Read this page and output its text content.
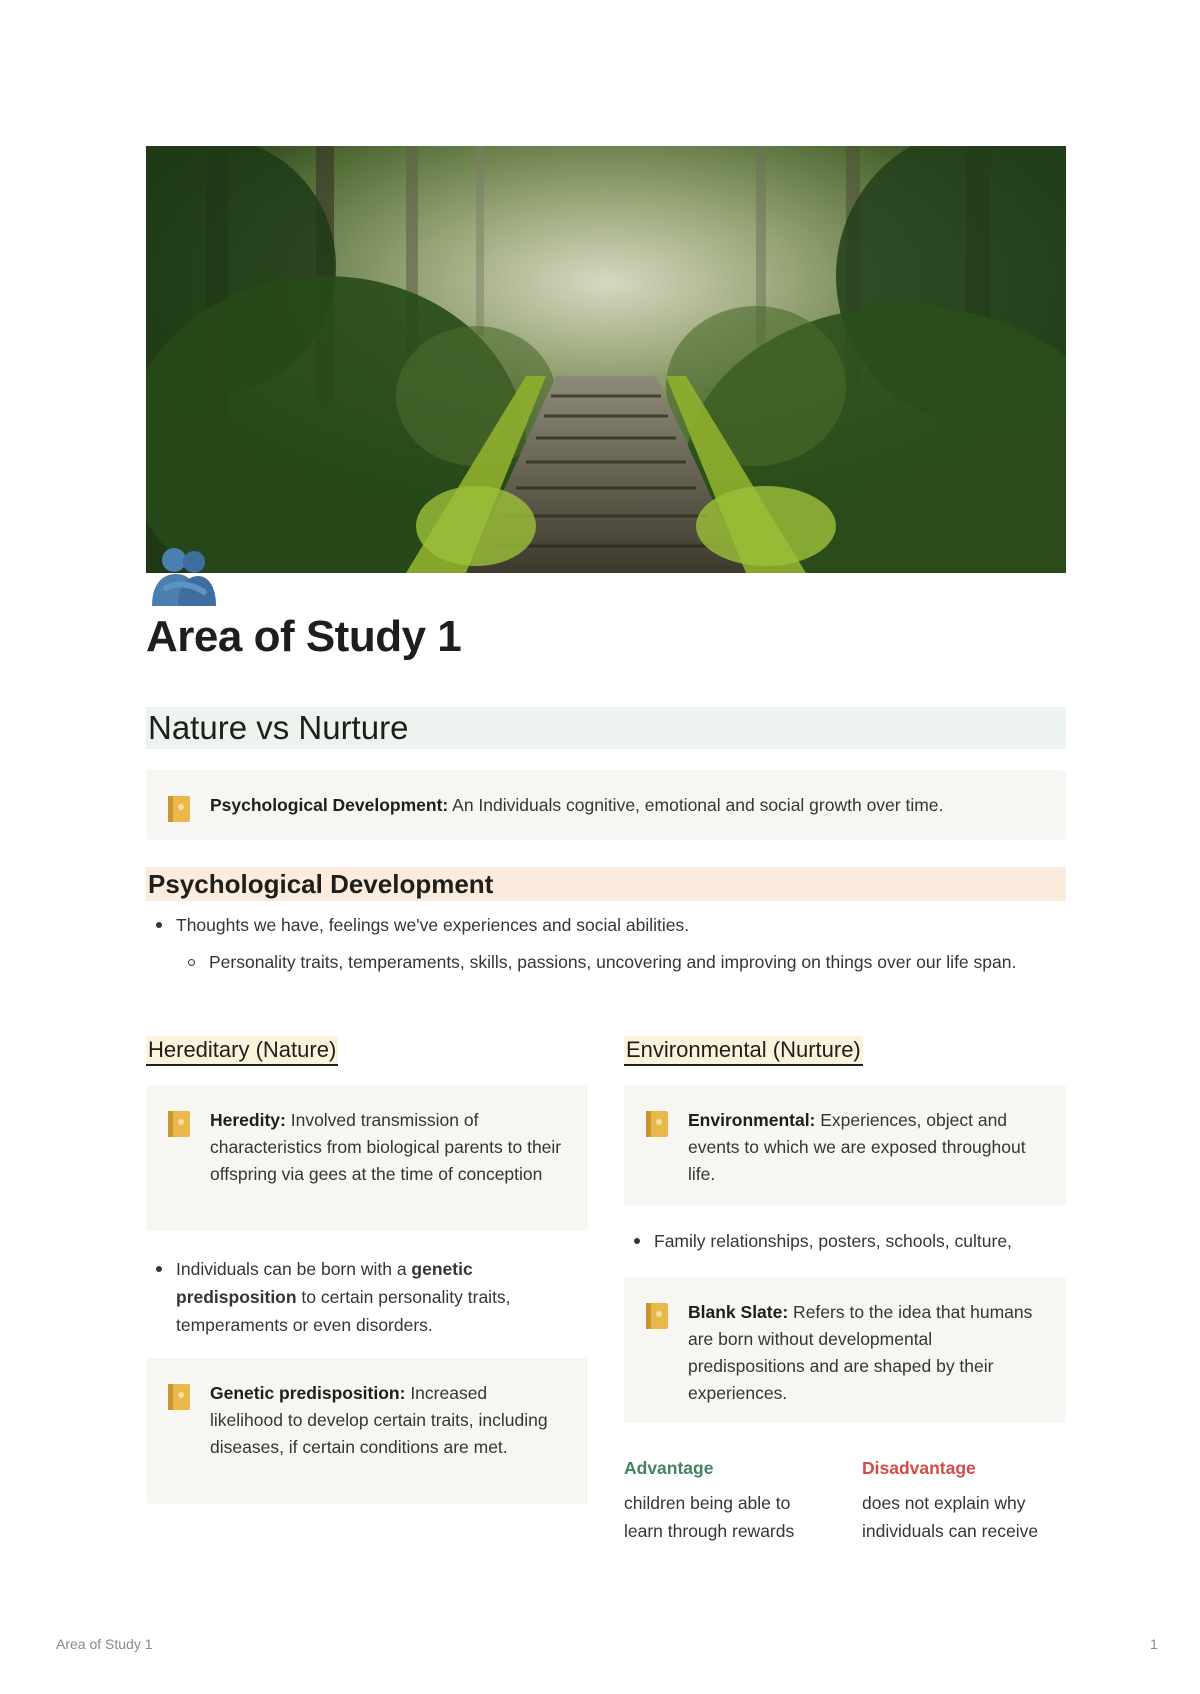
Area of Study 1
Nature vs Nurture
Psychological Development: An Individuals cognitive, emotional and social growth over time.
Psychological Development
Thoughts we have, feelings we've experiences and social abilities.
Personality traits, temperaments, skills, passions, uncovering and improving on things over our life span.
Hereditary (Nature)
Heredity: Involved transmission of characteristics from biological parents to their offspring via gees at the time of conception
Individuals can be born with a genetic predisposition to certain personality traits, temperaments or even disorders.
Genetic predisposition: Increased likelihood to develop certain traits, including diseases, if certain conditions are met.
Environmental (Nurture)
Environmental: Experiences, object and events to which we are exposed throughout life.
Family relationships, posters, schools, culture,
Blank Slate: Refers to the idea that humans are born without developmental predispositions and are shaped by their experiences.
Advantage
children being able to learn through rewards
Disadvantage
does not explain why individuals can receive
Area of Study 1	1
